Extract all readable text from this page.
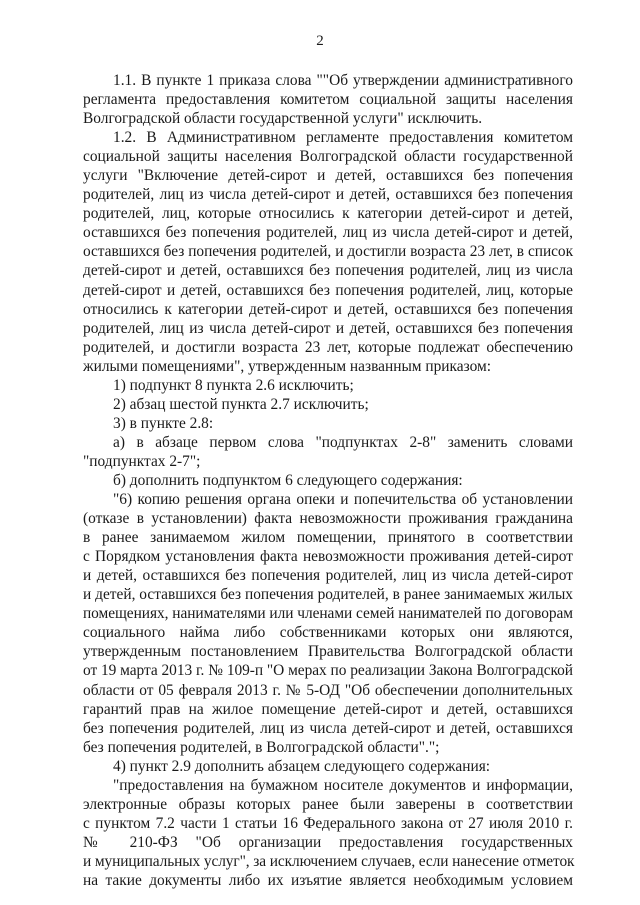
2
1.1. В пункте 1 приказа слова ""Об утверждении административного
регламента предоставления комитетом социальной защиты населения
Волгоградской области государственной услуги" исключить.
1.2. В Административном регламенте предоставления комитетом
социальной защиты населения Волгоградской области государственной
услуги "Включение детей-сирот и детей, оставшихся без попечения
родителей, лиц из числа детей-сирот и детей, оставшихся без попечения
родителей, лиц, которые относились к категории детей-сирот и детей,
оставшихся без попечения родителей, лиц из числа детей-сирот и детей,
оставшихся без попечения родителей, и достигли возраста 23 лет, в список
детей-сирот и детей, оставшихся без попечения родителей, лиц из числа
детей-сирот и детей, оставшихся без попечения родителей, лиц, которые
относились к категории детей-сирот и детей, оставшихся без попечения
родителей, лиц из числа детей-сирот и детей, оставшихся без попечения
родителей, и достигли возраста 23 лет, которые подлежат обеспечению
жилыми помещениями", утвержденным названным приказом:
1) подпункт 8 пункта 2.6 исключить;
2) абзац шестой пункта 2.7 исключить;
3) в пункте 2.8:
а) в абзаце первом слова "подпунктах 2-8" заменить словами
"подпунктах 2-7";
б) дополнить подпунктом 6 следующего содержания:
"6) копию решения органа опеки и попечительства об установлении
(отказе в установлении) факта невозможности проживания гражданина
в ранее занимаемом жилом помещении, принятого в соответствии
с Порядком установления факта невозможности проживания детей-сирот
и детей, оставшихся без попечения родителей, лиц из числа детей-сирот
и детей, оставшихся без попечения родителей, в ранее занимаемых жилых
помещениях, нанимателями или членами семей нанимателей по договорам
социального найма либо собственниками которых они являются,
утвержденным постановлением Правительства Волгоградской области
от 19 марта 2013 г. № 109-п "О мерах по реализации Закона Волгоградской
области от 05 февраля 2013 г. № 5-ОД "Об обеспечении дополнительных
гарантий прав на жилое помещение детей-сирот и детей, оставшихся
без попечения родителей, лиц из числа детей-сирот и детей, оставшихся
без попечения родителей, в Волгоградской области".";
4) пункт 2.9 дополнить абзацем следующего содержания:
"предоставления на бумажном носителе документов и информации,
электронные образы которых ранее были заверены в соответствии
с пунктом 7.2 части 1 статьи 16 Федерального закона от 27 июля 2010 г.
№ 210-ФЗ "Об организации предоставления государственных
и муниципальных услуг", за исключением случаев, если нанесение отметок
на такие документы либо их изъятие является необходимым условием
